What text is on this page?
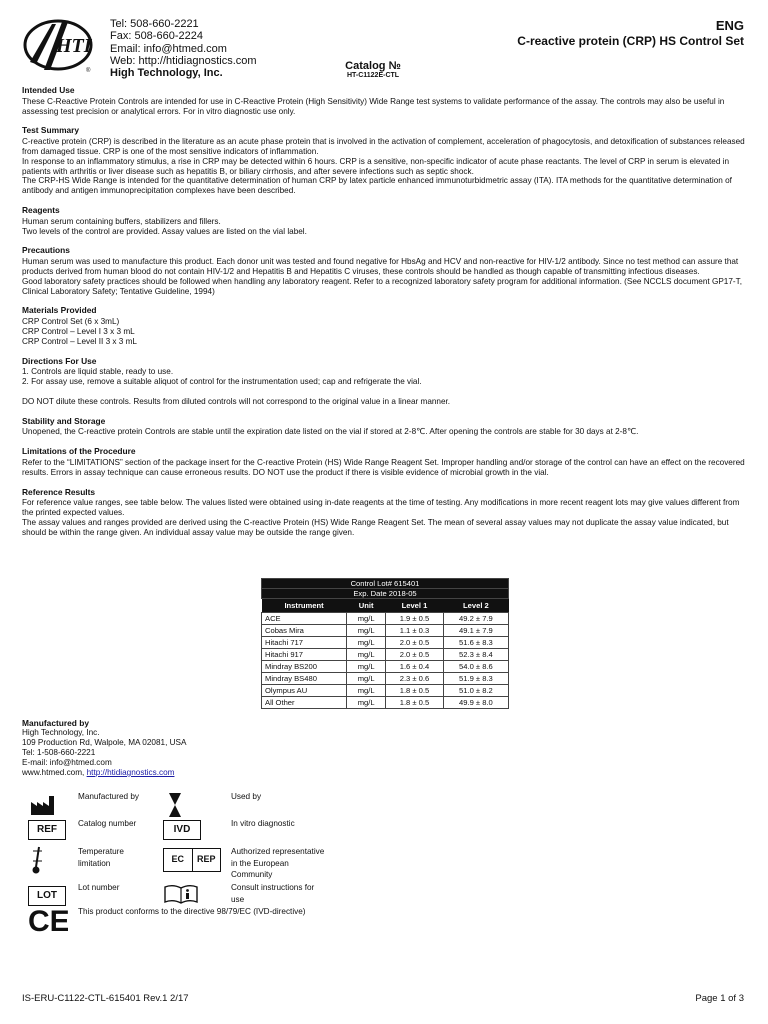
HTI
®
Tel: 508-660-2221
Fax: 508-660-2224
Email: info@htmed.com
Web: http://htidiagnostics.com
High Technology, Inc.
Catalog №
HT-C1122E-CTL
ENG
C-reactive protein (CRP) HS Control Set
Intended Use

These C-Reactive Protein Controls are intended for use in C-Reactive Protein (High Sensitivity) Wide Range test systems to validate performance of the assay. The controls may also be useful in assessing test precision or analytical errors. For in vitro diagnostic use only.

Test Summary

C-reactive protein (CRP) is described in the literature as an acute phase protein that is involved in the activation of complement, acceleration of phagocytosis, and detoxification of substances released from damaged tissue. CRP is one of the most sensitive indicators of inflammation.

In response to an inflammatory stimulus, a rise in CRP may be detected within 6 hours. CRP is a sensitive, non-specific indicator of acute phase reactants. The level of CRP in serum is elevated in patients with arthritis or liver disease such as hepatitis B, or biliary cirrhosis, and after severe infections such as septic shock.

The CRP-HS Wide Range is intended for the quantitative determination of human CRP by latex particle enhanced immunoturbidmetric assay (ITA). ITA methods for the quantitative determination of antibody and antigen immunoprecipitation complexes have been described.

Reagents

Human serum containing buffers, stabilizers and fillers.

Two levels of the control are provided. Assay values are listed on the vial label.

Precautions

Human serum was used to manufacture this product. Each donor unit was tested and found negative for HbsAg and HCV and non-reactive for HIV-1/2 antibody. Since no test method can assure that products derived from human blood do not contain HIV-1/2 and Hepatitis B and Hepatitis C viruses, these controls should be handled as though capable of transmitting infectious diseases.

Good laboratory safety practices should be followed when handling any laboratory reagent. Refer to a recognized laboratory safety program for additional information. (See NCCLS document GP17-T, Clinical Laboratory Safety; Tentative Guideline, 1994)

Materials Provided

CRP Control Set (6 x 3mL)

CRP Control – Level I 3 x 3 mL

CRP Control – Level II 3 x 3 mL

Directions For Use

1. Controls are liquid stable, ready to use.

2. For assay use, remove a suitable aliquot of control for the instrumentation used; cap and refrigerate the vial.

DO NOT dilute these controls. Results from diluted controls will not correspond to the original value in a linear manner.

Stability and Storage

Unopened, the C-reactive protein Controls are stable until the expiration date listed on the vial if stored at 2-8℃. After opening the controls are stable for 30 days at 2-8℃.

Limitations of the Procedure

Refer to the “LIMITATIONS” section of the package insert for the C-reactive Protein (HS) Wide Range Reagent Set. Improper handling and/or storage of the control can have an effect on the recovered results. Errors in assay technique can cause erroneous results. DO NOT use the product if there is visible evidence of microbial growth in the vial.

Reference Results

For reference value ranges, see table below. The values listed were obtained using in-date reagents at the time of testing. Any modifications in more recent reagent lots may give values different from the printed expected values.

The assay values and ranges provided are derived using the C-reactive Protein (HS) Wide Range Reagent Set. The mean of several assay values may not duplicate the assay value indicated, but should be within the range given. An individual assay value may be outside the range given.

Control Lot# 615401			
Exp. Date 2018-05			
Instrument	Unit	Level 1	Level 2
ACE	mg/L	1.9 ± 0.5	49.2 ± 7.9
Cobas Mira	mg/L	1.1 ± 0.3	49.1 ± 7.9
Hitachi 717	mg/L	2.0 ± 0.5	51.6 ± 8.3
Hitachi 917	mg/L	2.0 ± 0.5	52.3 ± 8.4
Mindray BS200	mg/L	1.6 ± 0.4	54.0 ± 8.6
Mindray BS480	mg/L	2.3 ± 0.6	51.9 ± 8.3
Olympus AU	mg/L	1.8 ± 0.5	51.0 ± 8.2
All Other	mg/L	1.8 ± 0.5	49.9 ± 8.0
Manufactured by
High Technology, Inc.
109 Production Rd, Walpole, MA 02081, USA
Tel: 1-508-660-2221
E-mail: info@htmed.com
www.htmed.com, http://htidiagnostics.com
Manufactured by
REF
Catalog number
Temperature limitation
LOT
Lot number
CE This product conforms to the directive 98/79/EC (IVD-directive)
Used by
IVD
In vitro diagnostic
EC	REP
Authorized representative in the European Community
Consult instructions for use
IS-ERU-C1122-CTL-615401 Rev.1 2/17	Page 1 of 3
